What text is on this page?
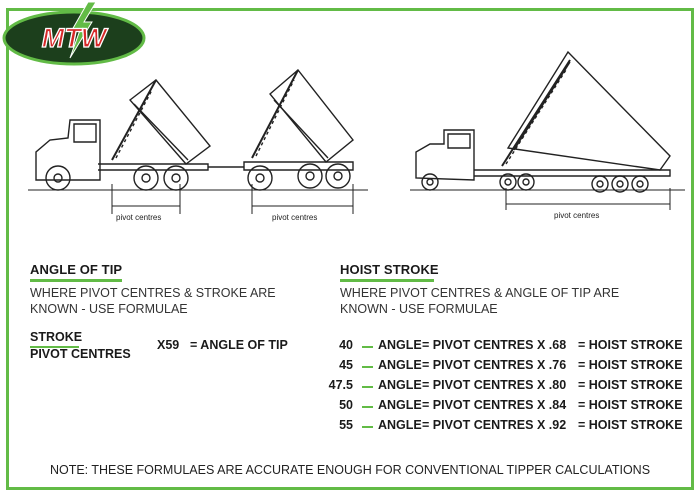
MTW
pivot centres	pivot centres	pivot centres
ANGLE OF TIP
WHERE PIVOT CENTRES & STROKE ARE
KNOWN - USE FORMULAE
STROKE
PIVOT CENTRES
X59 = ANGLE OF TIP
HOIST STROKE
WHERE PIVOT CENTRES & ANGLE OF TIP ARE
KNOWN - USE FORMULAE
40 ANGLE = PIVOT CENTRES X .68 = HOIST STROKE
45 ANGLE = PIVOT CENTRES X .76 = HOIST STROKE
47.5 ANGLE = PIVOT CENTRES X .80 = HOIST STROKE
50 ANGLE = PIVOT CENTRES X .84 = HOIST STROKE
55 ANGLE = PIVOT CENTRES X .92 = HOIST STROKE
NOTE: THESE FORMULAES ARE ACCURATE ENOUGH FOR CONVENTIONAL TIPPER CALCULATIONS
